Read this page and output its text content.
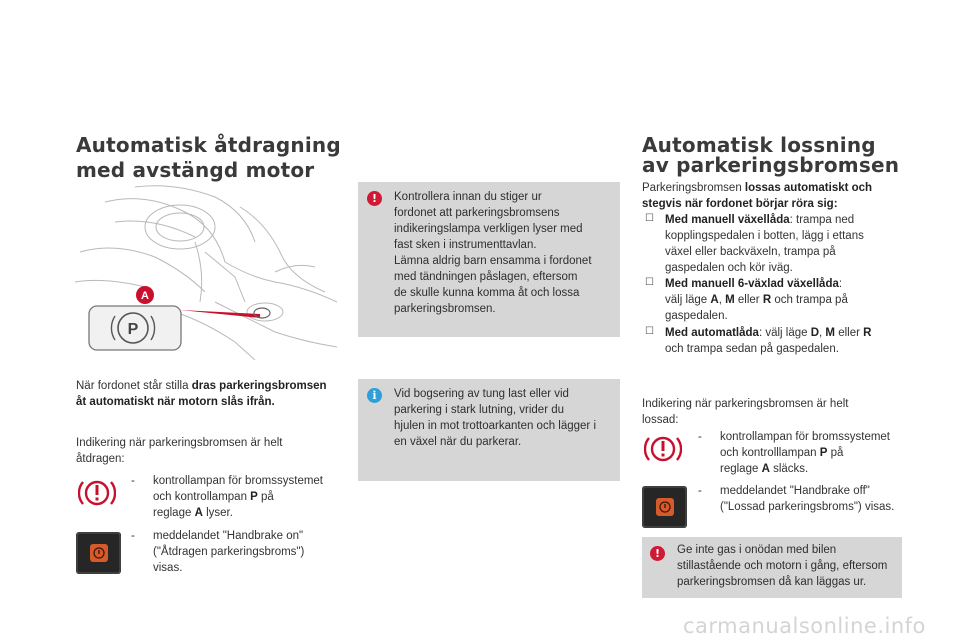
Automatisk åtdragning
med avstängd motor
A
P
När fordonet står stilla dras parkeringsbromsen åt automatiskt när motorn slås ifrån.
Indikering när parkeringsbromsen är helt åtdragen:
- kontrollampan för bromssystemet
och kontrollampan P på
reglage A lyser.
- meddelandet "Handbrake on"
("Åtdragen parkeringsbroms")
visas.
!	Kontrollera innan du stiger ur
fordonet att parkeringsbromsens
indikeringslampa verkligen lyser med
fast sken i instrumenttavlan.
Lämna aldrig barn ensamma i fordonet
med tändningen påslagen, eftersom
de skulle kunna komma åt och lossa
parkeringsbromsen.
i	Vid bogsering av tung last eller vid
parkering i stark lutning, vrider du
hjulen in mot trottoarkanten och lägger i
en växel när du parkerar.
Automatisk lossning
av parkeringsbromsen
Parkeringsbromsen lossas automatiskt och
stegvis när fordonet börjar röra sig:
☐ Med manuell växellåda: trampa ned
kopplingspedalen i botten, lägg i ettans
växel eller backväxeln, trampa på
gaspedalen och kör iväg.
☐ Med manuell 6-växlad växellåda:
välj läge A, M eller R och trampa på
gaspedalen.
☐ Med automatlåda: välj läge D, M eller R
och trampa sedan på gaspedalen.
Indikering när parkeringsbromsen är helt lossad:
- kontrollampan för bromssystemet
och kontrolllampan P på
reglage A släcks.
- meddelandet "Handbrake off"
("Lossad parkeringsbroms") visas.
!	Ge inte gas i onödan med bilen
stillastående och motorn i gång, eftersom
parkeringsbromsen då kan läggas ur.
carmanualsonline.info
